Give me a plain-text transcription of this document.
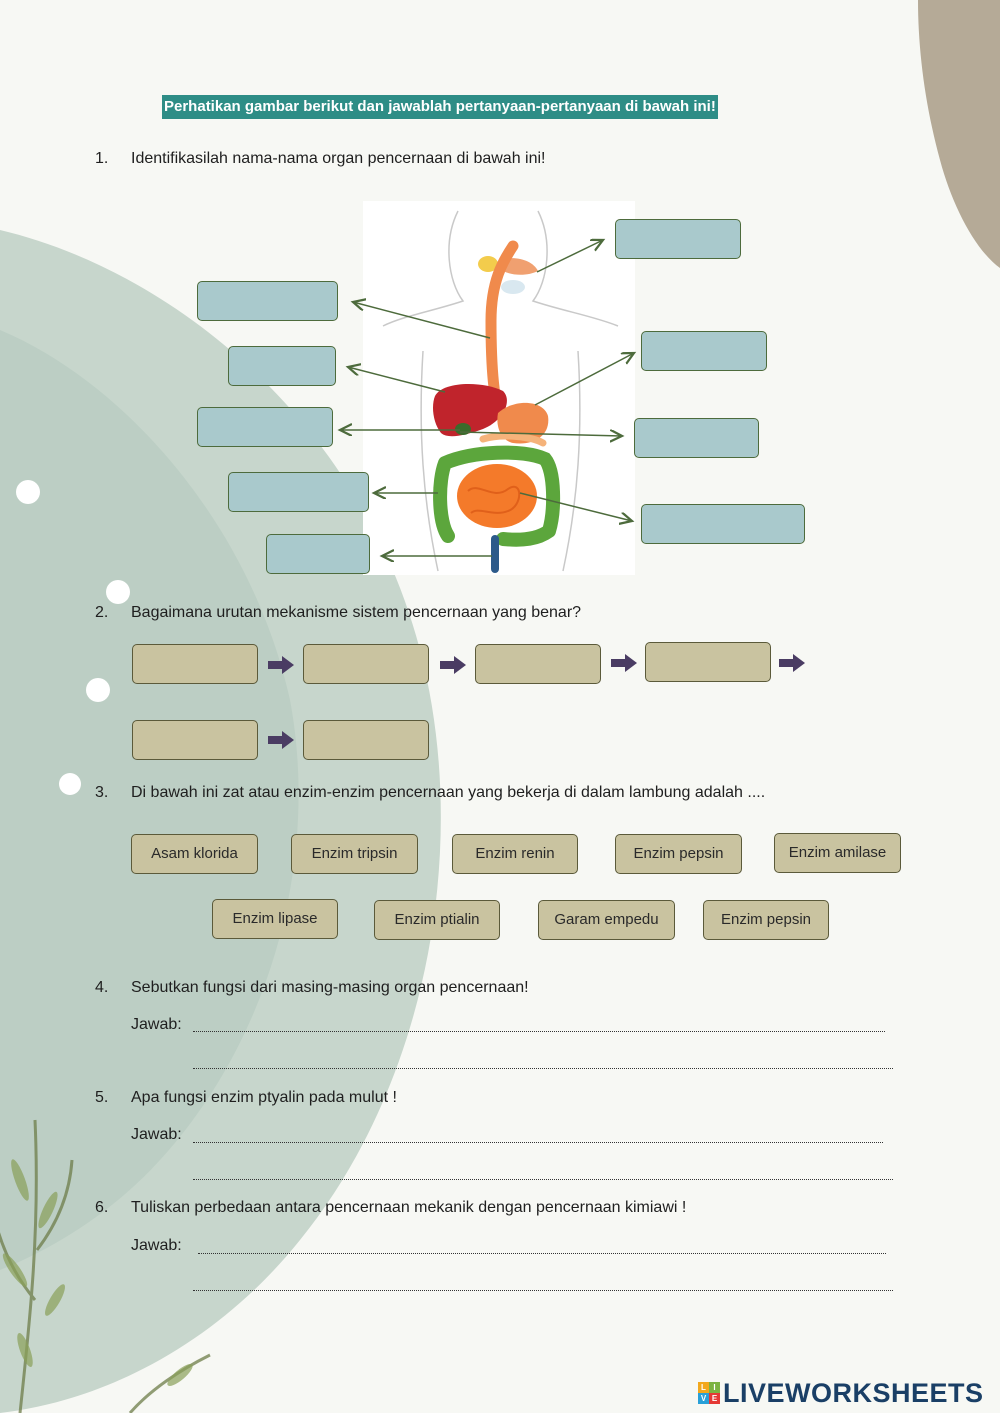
Perhatikan gambar berikut dan jawablah pertanyaan-pertanyaan di bawah ini!
1. Identifikasilah nama-nama organ pencernaan di bawah ini!
2. Bagaimana urutan mekanisme sistem pencernaan yang benar?
3. Di bawah ini zat atau enzim-enzim pencernaan yang bekerja di dalam lambung adalah ....
Asam klorida	Enzim tripsin	Enzim renin	Enzim pepsin	Enzim amilase
Enzim lipase	Enzim ptialin	Garam empedu	Enzim pepsin
4. Sebutkan fungsi dari masing-masing organ pencernaan!
Jawab:
5. Apa fungsi enzim ptyalin pada mulut !
Jawab:
6. Tuliskan perbedaan antara pencernaan mekanik dengan pencernaan kimiawi !
Jawab:
L I
V E LIVEWORKSHEETS
